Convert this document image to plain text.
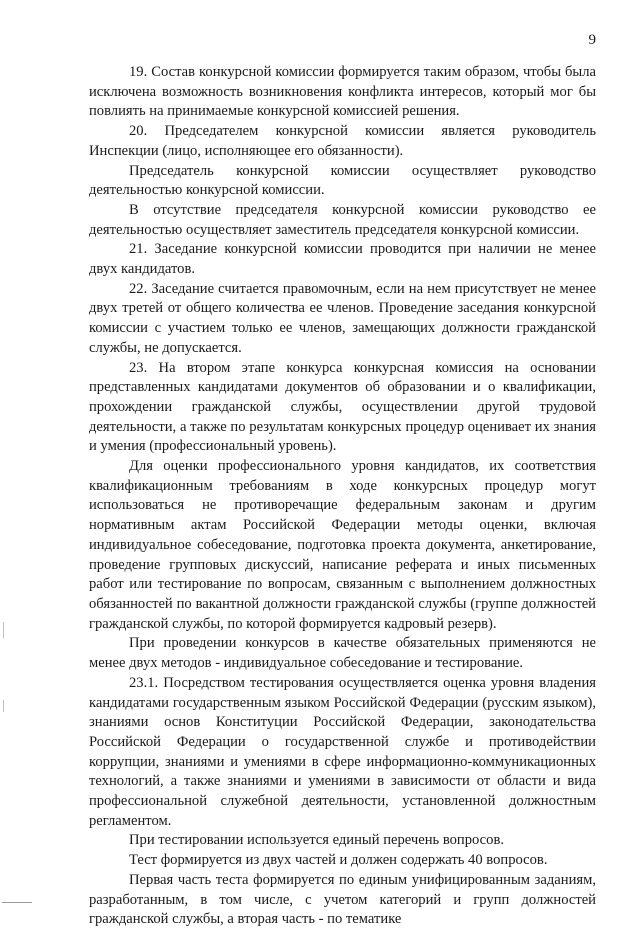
9

19. Состав конкурсной комиссии формируется таким образом, чтобы была исключена возможность возникновения конфликта интересов, который мог бы повлиять на принимаемые конкурсной комиссией решения.

20. Председателем конкурсной комиссии является руководитель Инспекции (лицо, исполняющее его обязанности).

Председатель конкурсной комиссии осуществляет руководство деятельностью конкурсной комиссии.

В отсутствие председателя конкурсной комиссии руководство ее деятельностью осуществляет заместитель председателя конкурсной комиссии.

21. Заседание конкурсной комиссии проводится при наличии не менее двух кандидатов.

22. Заседание считается правомочным, если на нем присутствует не менее двух третей от общего количества ее членов. Проведение заседания конкурсной комиссии с участием только ее членов, замещающих должности гражданской службы, не допускается.

23. На втором этапе конкурса конкурсная комиссия на основании представленных кандидатами документов об образовании и о квалификации, прохождении гражданской службы, осуществлении другой трудовой деятельности, а также по результатам конкурсных процедур оценивает их знания и умения (профессиональный уровень).

Для оценки профессионального уровня кандидатов, их соответствия квалификационным требованиям в ходе конкурсных процедур могут использоваться не противоречащие федеральным законам и другим нормативным актам Российской Федерации методы оценки, включая индивидуальное собеседование, подготовка проекта документа, анкетирование, проведение групповых дискуссий, написание реферата и иных письменных работ или тестирование по вопросам, связанным с выполнением должностных обязанностей по вакантной должности гражданской службы (группе должностей гражданской службы, по которой формируется кадровый резерв).

При проведении конкурсов в качестве обязательных применяются не менее двух методов - индивидуальное собеседование и тестирование.

23.1. Посредством тестирования осуществляется оценка уровня владения кандидатами государственным языком Российской Федерации (русским языком), знаниями основ Конституции Российской Федерации, законодательства Российской Федерации о государственной службе и противодействии коррупции, знаниями и умениями в сфере информационно-коммуникационных технологий, а также знаниями и умениями в зависимости от области и вида профессиональной служебной деятельности, установленной должностным регламентом.

При тестировании используется единый перечень вопросов.

Тест формируется из двух частей и должен содержать 40 вопросов.

Первая часть теста формируется по единым унифицированным заданиям, разработанным, в том числе, с учетом категорий и групп должностей гражданской службы, а вторая часть - по тематике
